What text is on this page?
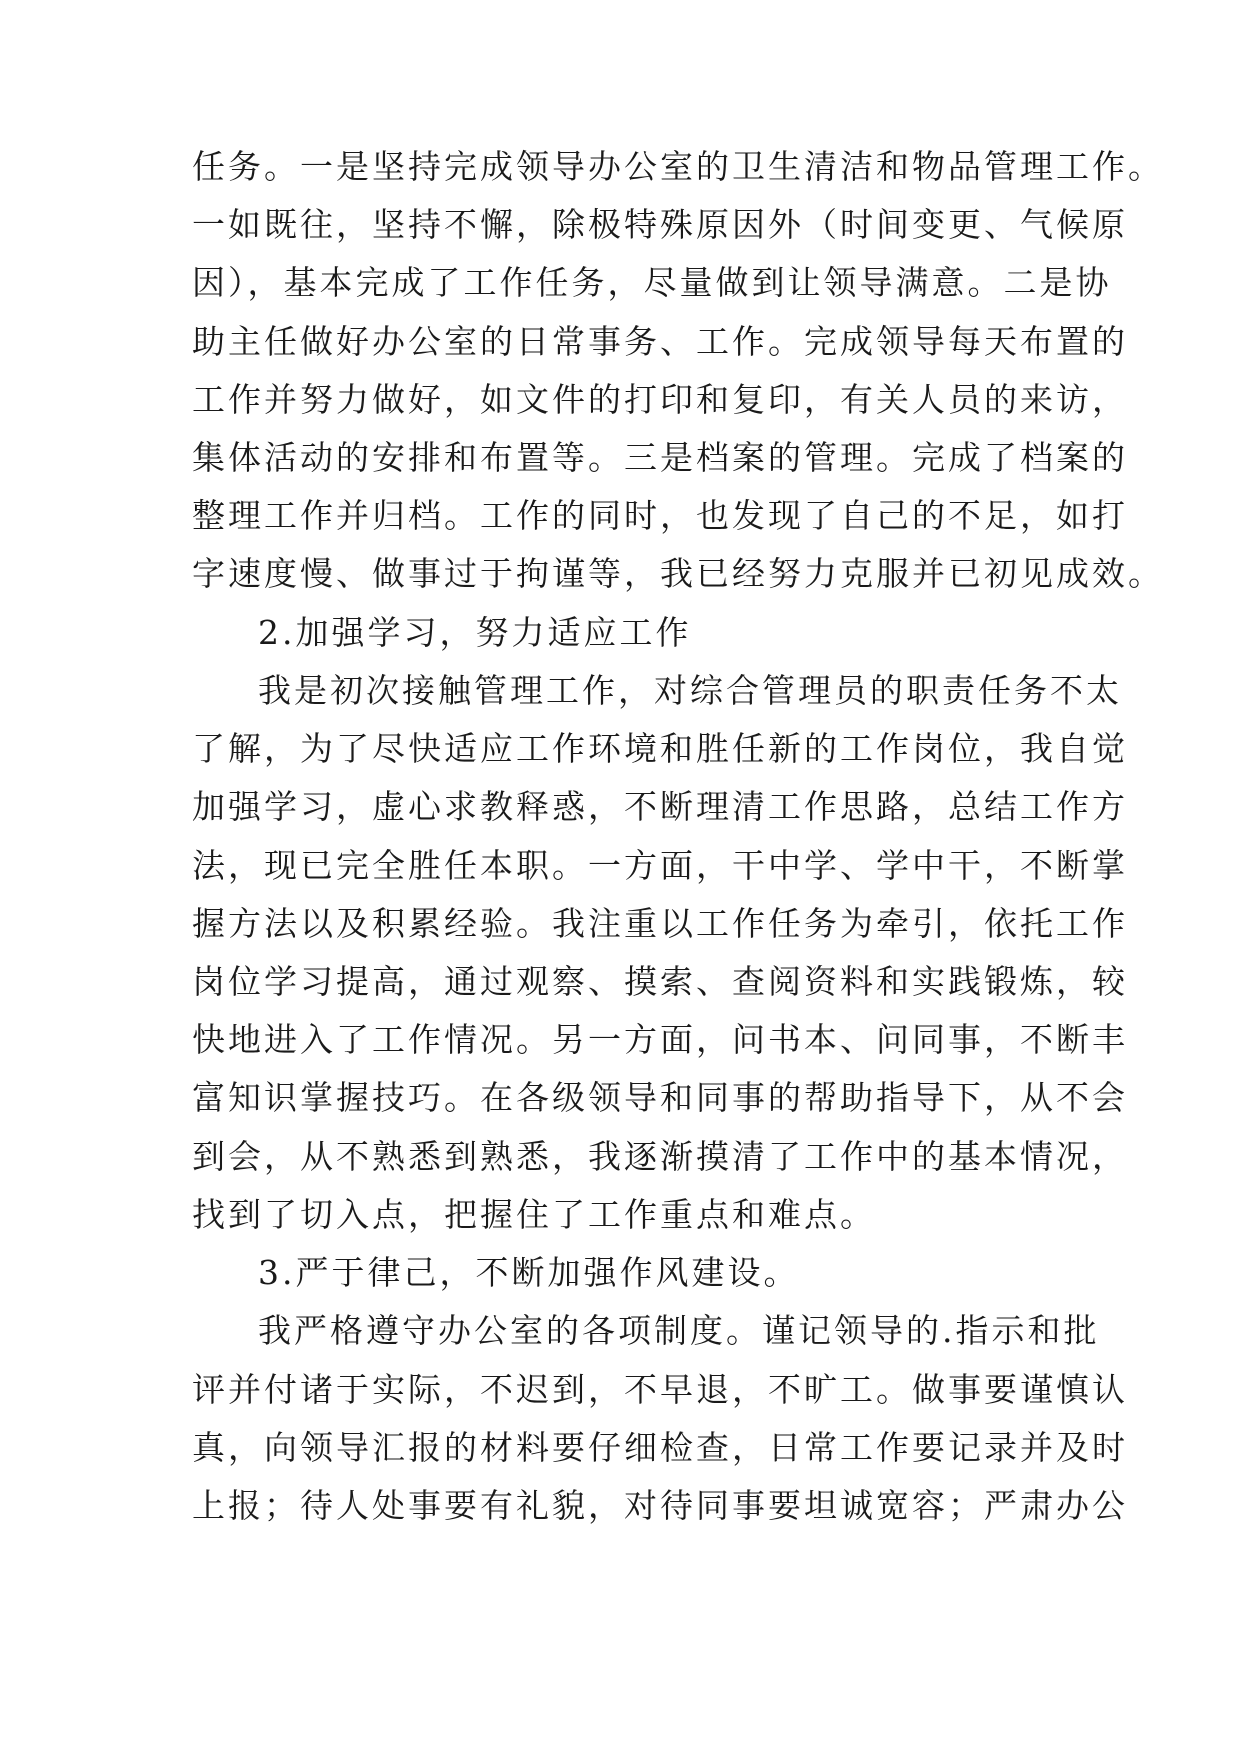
任务。一是坚持完成领导办公室的卫生清洁和物品管理工作。

一如既往，坚持不懈，除极特殊原因外（时间变更、气候原

因），基本完成了工作任务，尽量做到让领导满意。二是协

助主任做好办公室的日常事务、工作。完成领导每天布置的

工作并努力做好，如文件的打印和复印，有关人员的来访，

集体活动的安排和布置等。三是档案的管理。完成了档案的

整理工作并归档。工作的同时，也发现了自己的不足，如打

字速度慢、做事过于拘谨等，我已经努力克服并已初见成效。

2.加强学习，努力适应工作

我是初次接触管理工作，对综合管理员的职责任务不太

了解，为了尽快适应工作环境和胜任新的工作岗位，我自觉

加强学习，虚心求教释惑，不断理清工作思路，总结工作方

法，现已完全胜任本职。一方面，干中学、学中干，不断掌

握方法以及积累经验。我注重以工作任务为牵引，依托工作

岗位学习提高，通过观察、摸索、查阅资料和实践锻炼，较

快地进入了工作情况。另一方面，问书本、问同事，不断丰

富知识掌握技巧。在各级领导和同事的帮助指导下，从不会

到会，从不熟悉到熟悉，我逐渐摸清了工作中的基本情况，

找到了切入点，把握住了工作重点和难点。

3.严于律己，不断加强作风建设。

我严格遵守办公室的各项制度。谨记领导的.指示和批

评并付诸于实际，不迟到，不早退，不旷工。做事要谨慎认

真，向领导汇报的材料要仔细检查，日常工作要记录并及时

上报；待人处事要有礼貌，对待同事要坦诚宽容；严肃办公
